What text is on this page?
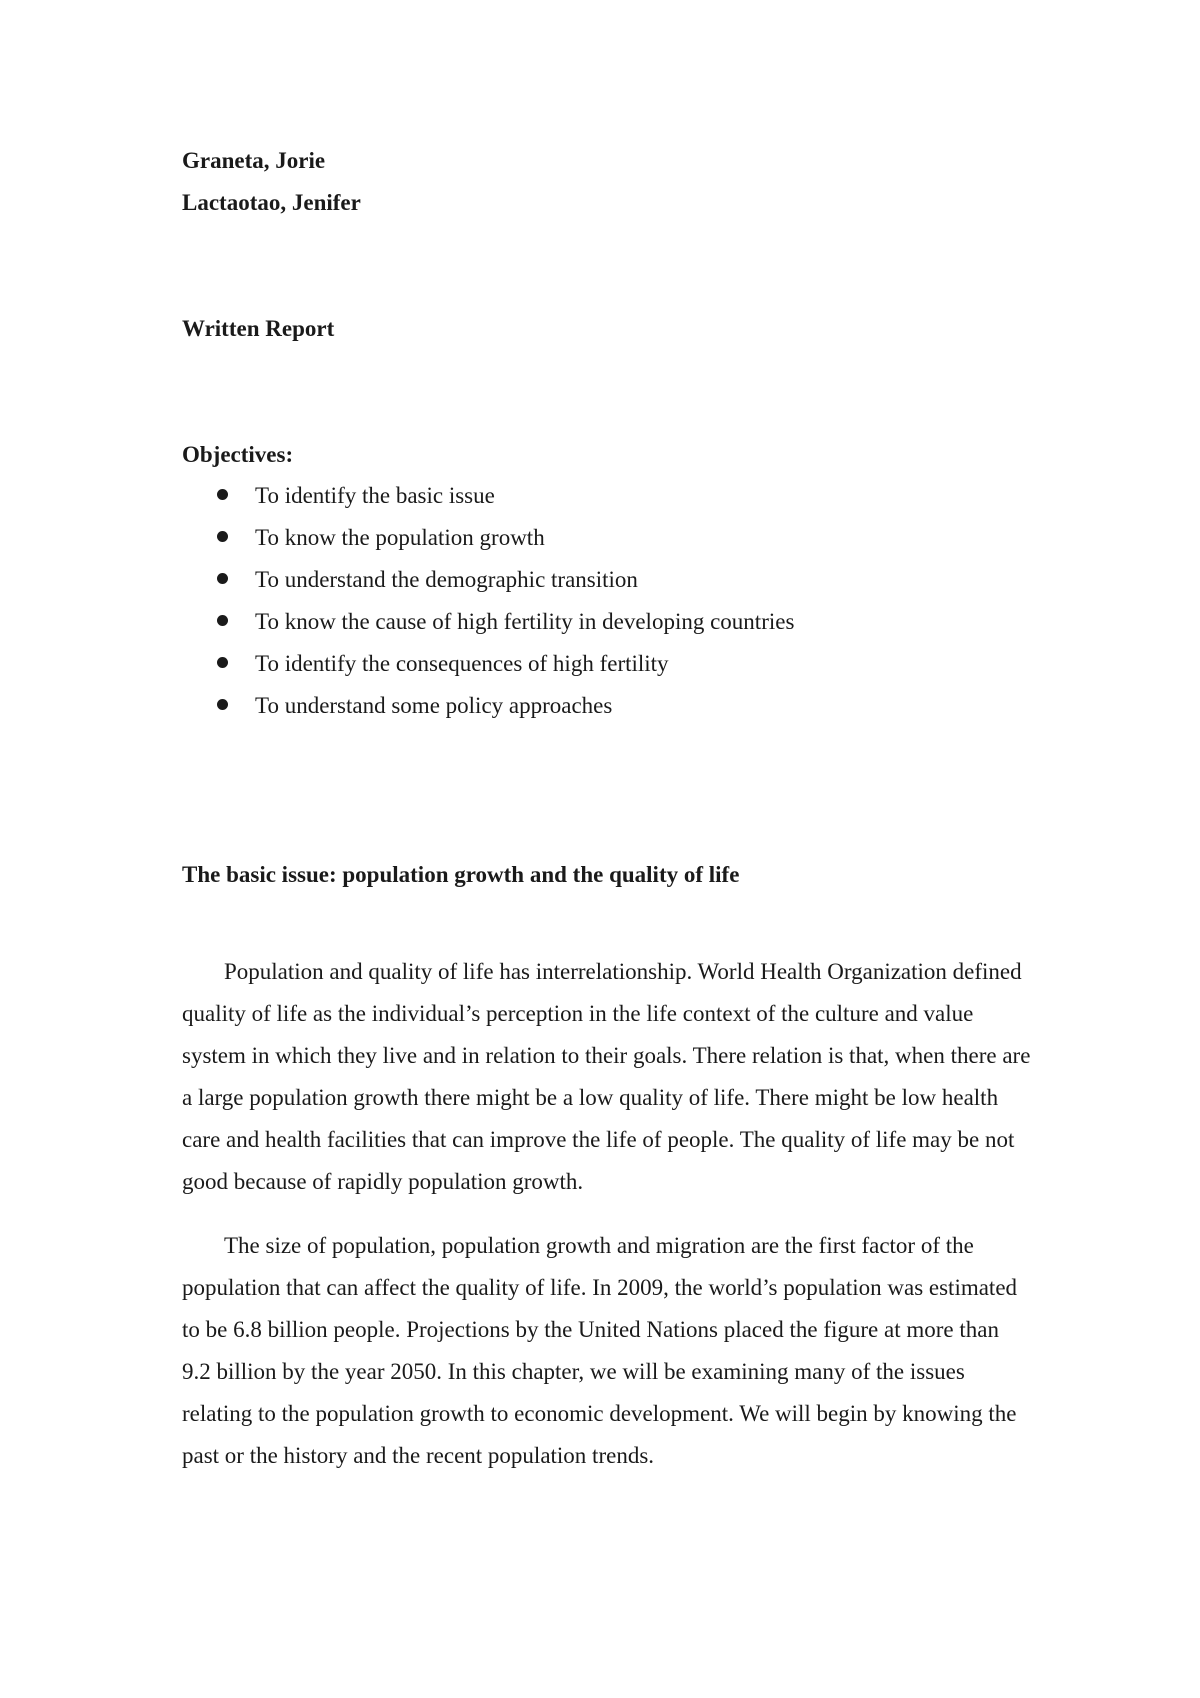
Graneta, Jorie
Lactaotao, Jenifer
Written Report
Objectives:
To identify the basic issue
To know the population growth
To understand the demographic transition
To know the cause of high fertility in developing countries
To identify the consequences of high fertility
To understand some policy approaches
The basic issue: population growth and the quality of life

Population and quality of life has interrelationship. World Health Organization defined quality of life as the individual’s perception in the life context of the culture and value system in which they live and in relation to their goals. There relation is that, when there are a large population growth there might be a low quality of life. There might be low health care and health facilities that can improve the life of people. The quality of life may be not good because of rapidly population growth.

The size of population, population growth and migration are the first factor of the population that can affect the quality of life. In 2009, the world’s population was estimated to be 6.8 billion people. Projections by the United Nations placed the figure at more than 9.2 billion by the year 2050. In this chapter, we will be examining many of the issues relating to the population growth to economic development. We will begin by knowing the past or the history and the recent population trends.
